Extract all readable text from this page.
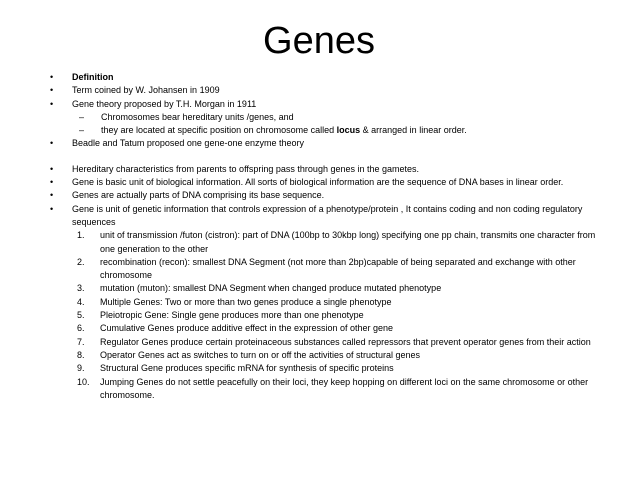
Genes
• Definition
• Term coined by W. Johansen in 1909
• Gene theory proposed by T.H. Morgan in 1911
– Chromosomes bear hereditary units /genes, and
– they are located at specific position on chromosome called locus & arranged in linear order.
• Beadle and Tatum proposed one gene-one enzyme theory
• Hereditary characteristics from parents to offspring pass through genes in the gametes.
• Gene is basic unit of biological information. All sorts of biological information are the sequence of DNA bases in linear order.
• Genes are actually parts of DNA comprising its base sequence.
• Gene is unit of genetic information that controls expression of a phenotype/protein , It contains coding and non coding regulatory sequences
1. unit of transmission /futon (cistron): part of DNA (100bp to 30kbp long) specifying one pp chain, transmits one character from one generation to the other
2. recombination (recon): smallest DNA Segment (not more than 2bp)capable of being separated and exchange with other chromosome
3. mutation (muton): smallest DNA Segment when changed produce mutated phenotype
4. Multiple Genes: Two or more than two genes produce a single phenotype
5. Pleiotropic Gene: Single gene produces more than one phenotype
6. Cumulative Genes produce additive effect in the expression of other gene
7. Regulator Genes produce certain proteinaceous substances called repressors that prevent operator genes from their action
8. Operator Genes act as switches to turn on or off the activities of structural genes
9. Structural Gene produces specific mRNA for synthesis of specific proteins
10. Jumping Genes do not settle peacefully on their loci, they keep hopping on different loci on the same chromosome or other chromosome.
